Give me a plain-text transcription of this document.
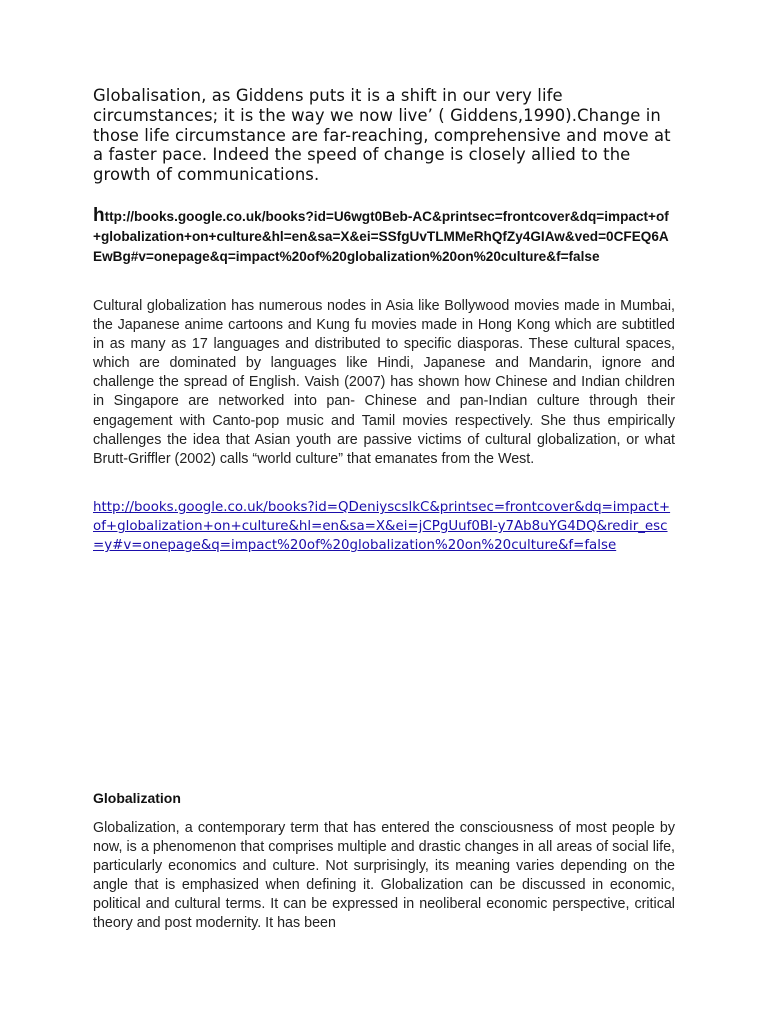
Globalisation, as Giddens puts it is a shift in our very life circumstances; it is the way we now live’ ( Giddens,1990).Change in those life circumstance are far-reaching, comprehensive and move at a faster pace. Indeed the speed of change is closely allied to the growth of communications.
http://books.google.co.uk/books?id=U6wgt0Beb-AC&printsec=frontcover&dq=impact+of+globalization+on+culture&hl=en&sa=X&ei=SSfgUvTLMMeRhQfZy4GIAw&ved=0CFEQ6AEwBg#v=onepage&q=impact%20of%20globalization%20on%20culture&f=false
Cultural globalization has numerous nodes in Asia like Bollywood movies made in Mumbai, the Japanese anime cartoons and Kung fu movies made in Hong Kong which are subtitled in as many as 17 languages and distributed to specific diasporas. These cultural spaces, which are dominated by languages like Hindi, Japanese and Mandarin, ignore and challenge the spread of English. Vaish (2007) has shown how Chinese and Indian children in Singapore are networked into pan- Chinese and pan-Indian culture through their engagement with Canto-pop music and Tamil movies respectively. She thus empirically challenges the idea that Asian youth are passive victims of cultural globalization, or what Brutt-Griffler (2002) calls “world culture” that emanates from the West.
http://books.google.co.uk/books?id=QDeniyscslkC&printsec=frontcover&dq=impact+of+globalization+on+culture&hl=en&sa=X&ei=jCPgUuf0BI-y7Ab8uYG4DQ&redir_esc=y#v=onepage&q=impact%20of%20globalization%20on%20culture&f=false
Globalization
Globalization, a contemporary term that has entered the consciousness of most people by now, is a phenomenon that comprises multiple and drastic changes in all areas of social life, particularly economics and culture. Not surprisingly, its meaning varies depending on the angle that is emphasized when defining it. Globalization can be discussed in economic, political and cultural terms. It can be expressed in neoliberal economic perspective, critical theory and post modernity. It has been
